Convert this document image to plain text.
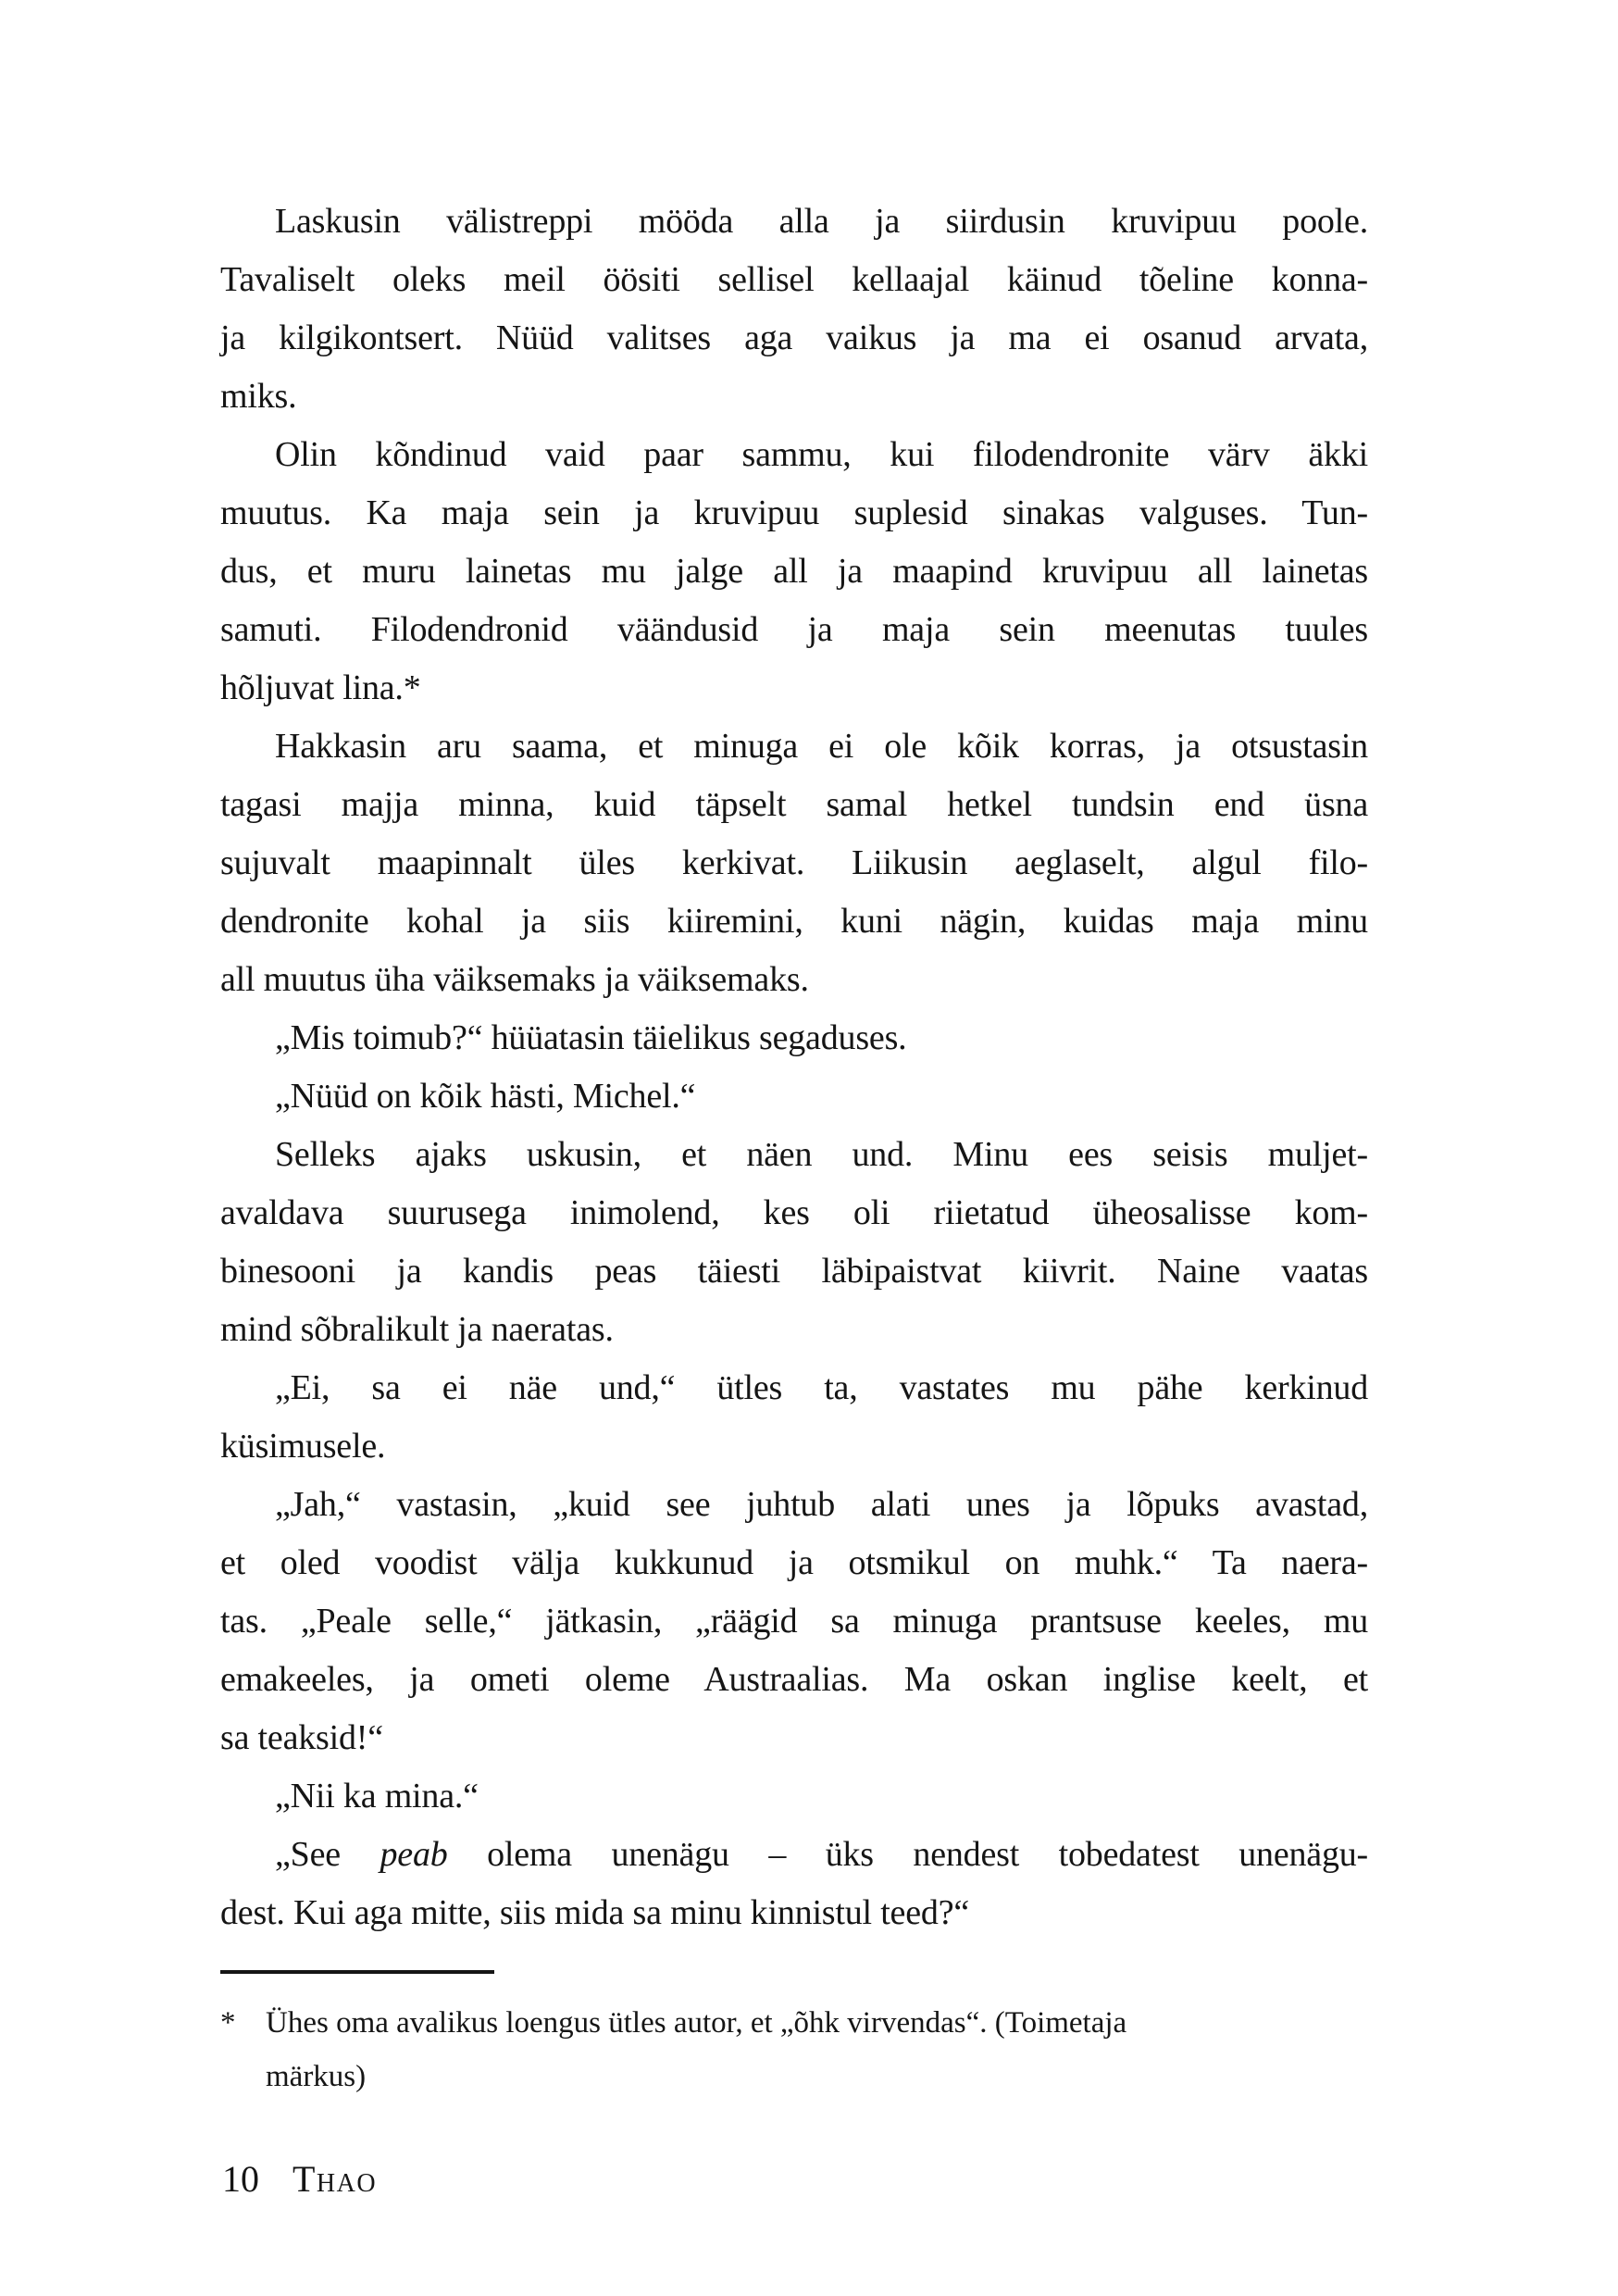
Laskusin välistreppi mööda alla ja siirdusin kruvipuu poole.
Tavaliselt oleks meil öösiti sellisel kellaajal käinud tõeline konna-
ja kilgikontsert. Nüüd valitses aga vaikus ja ma ei osanud arvata,
miks.
Olin kõndinud vaid paar sammu, kui filodendronite värv äkki
muutus. Ka maja sein ja kruvipuu suplesid sinakas valguses. Tun-
dus, et muru lainetas mu jalge all ja maapind kruvipuu all lainetas
samuti. Filodendronid väändusid ja maja sein meenutas tuules
hõljuvat lina.*
Hakkasin aru saama, et minuga ei ole kõik korras, ja otsustasin
tagasi majja minna, kuid täpselt samal hetkel tundsin end üsna
sujuvalt maapinnalt üles kerkivat. Liikusin aeglaselt, algul filo-
dendronite kohal ja siis kiiremini, kuni nägin, kuidas maja minu
all muutus üha väiksemaks ja väiksemaks.
„Mis toimub?“ hüüatasin täielikus segaduses.
„Nüüd on kõik hästi, Michel.“
Selleks ajaks uskusin, et näen und. Minu ees seisis muljet-
avaldava suurusega inimolend, kes oli riietatud üheosalisse kom-
binesooni ja kandis peas täiesti läbipaistvat kiivrit. Naine vaatas
mind sõbralikult ja naeratas.
„Ei, sa ei näe und,“ ütles ta, vastates mu pähe kerkinud
küsimusele.
„Jah,“ vastasin, „kuid see juhtub alati unes ja lõpuks avastad,
et oled voodist välja kukkunud ja otsmikul on muhk.“ Ta naera-
tas. „Peale selle,“ jätkasin, „räägid sa minuga prantsuse keeles, mu
emakeeles, ja ometi oleme Austraalias. Ma oskan inglise keelt, et
sa teaksid!“
„Nii ka mina.“
„See peab olema unenägu – üks nendest tobedatest unenägu-
dest. Kui aga mitte, siis mida sa minu kinnistul teed?“
* Ühes oma avalikus loengus ütles autor, et „õhk virvendas“. (Toimetaja
märkus)
10 Thao
